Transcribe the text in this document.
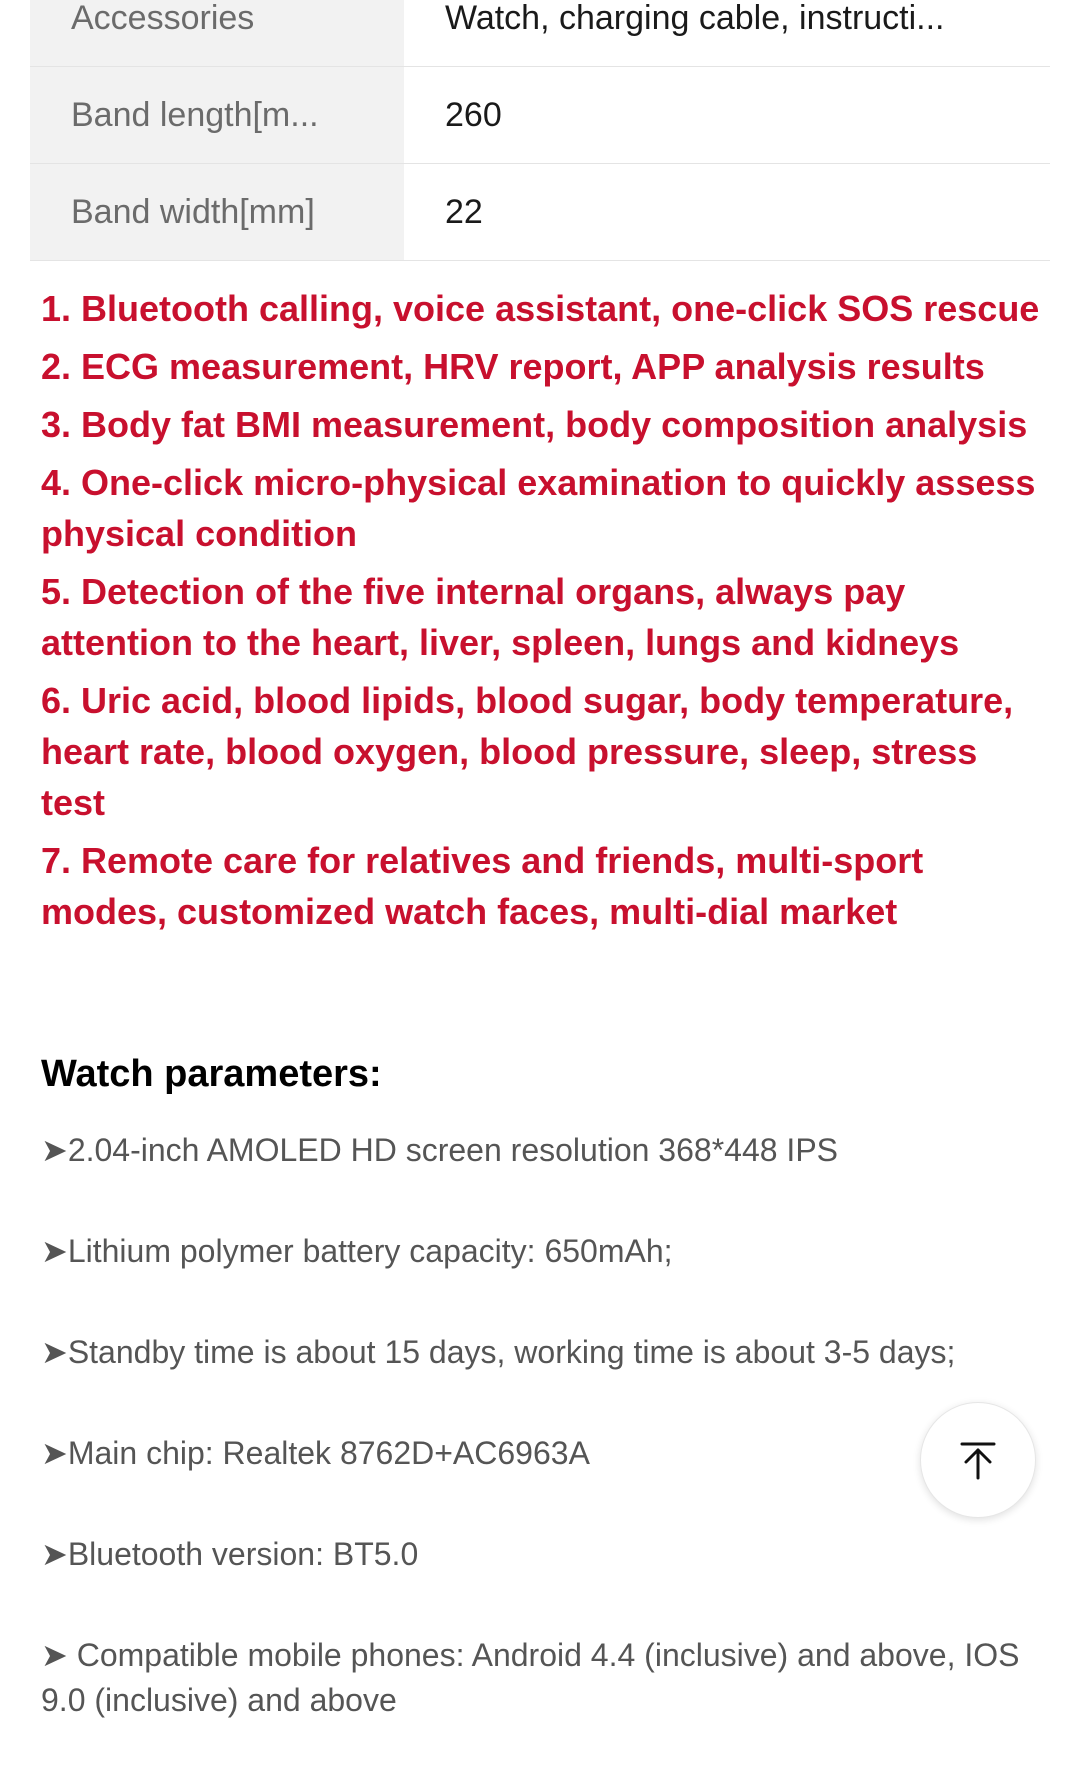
Accessories	Watch, charging cable, instructi...
Band length[m...	260
Band width[mm]	22
1. Bluetooth calling, voice assistant, one-click SOS rescue
2. ECG measurement, HRV report, APP analysis results
3. Body fat BMI measurement, body composition analysis
4. One-click micro-physical examination to quickly assess physical condition
5. Detection of the five internal organs, always pay attention to the heart, liver, spleen, lungs and kidneys
6. Uric acid, blood lipids, blood sugar, body temperature, heart rate, blood oxygen, blood pressure, sleep, stress test
7. Remote care for relatives and friends, multi-sport modes, customized watch faces, multi-dial market
Watch parameters:
➤2.04-inch AMOLED HD screen resolution 368*448 IPS
➤Lithium polymer battery capacity: 650mAh;
➤Standby time is about 15 days, working time is about 3-5 days;
➤Main chip: Realtek 8762D+AC6963A
➤Bluetooth version: BT5.0
➤ Compatible mobile phones: Android 4.4 (inclusive) and above, IOS 9.0 (inclusive) and above
